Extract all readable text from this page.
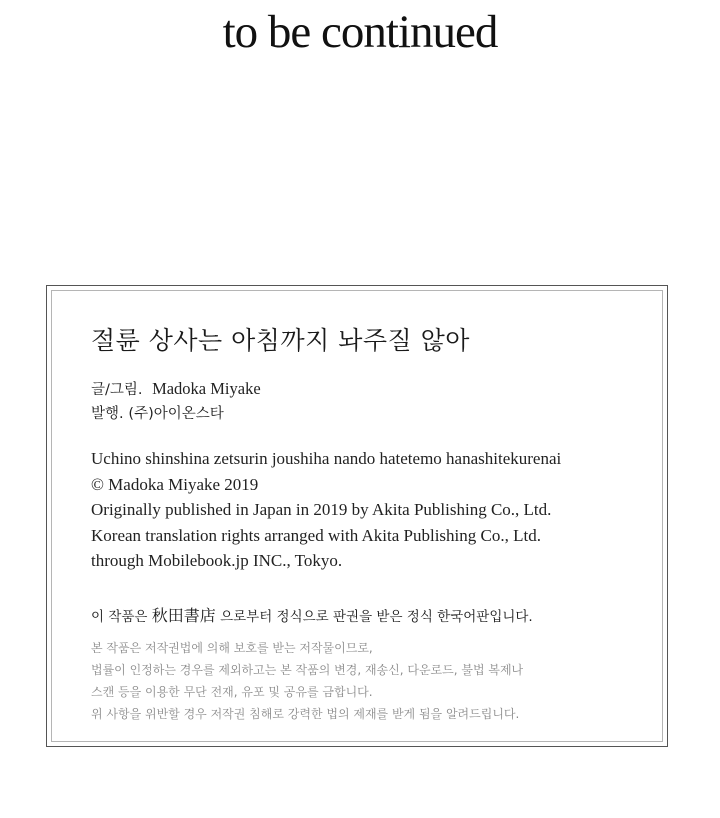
to be continued
절륜 상사는 아침까지 놔주질 않아
글/그림. Madoka Miyake
발행. (주)아이온스타
Uchino shinshina zetsurin joushiha nando hatetemo hanashitekurenai
© Madoka Miyake 2019
Originally published in Japan in 2019 by Akita Publishing Co., Ltd.
Korean translation rights arranged with Akita Publishing Co., Ltd.
through Mobilebook.jp INC., Tokyo.
이 작품은 秋田書店 으로부터 정식으로 판권을 받은 정식 한국어판입니다.
본 작품은 저작권법에 의해 보호를 받는 저작물이므로,
법률이 인정하는 경우를 제외하고는 본 작품의 변경, 재송신, 다운로드, 불법 복제나
스캔 등을 이용한 무단 전재, 유포 및 공유를 금합니다.
위 사항을 위반할 경우 저작권 침해로 강력한 법의 제재를 받게 됨을 알려드립니다.
